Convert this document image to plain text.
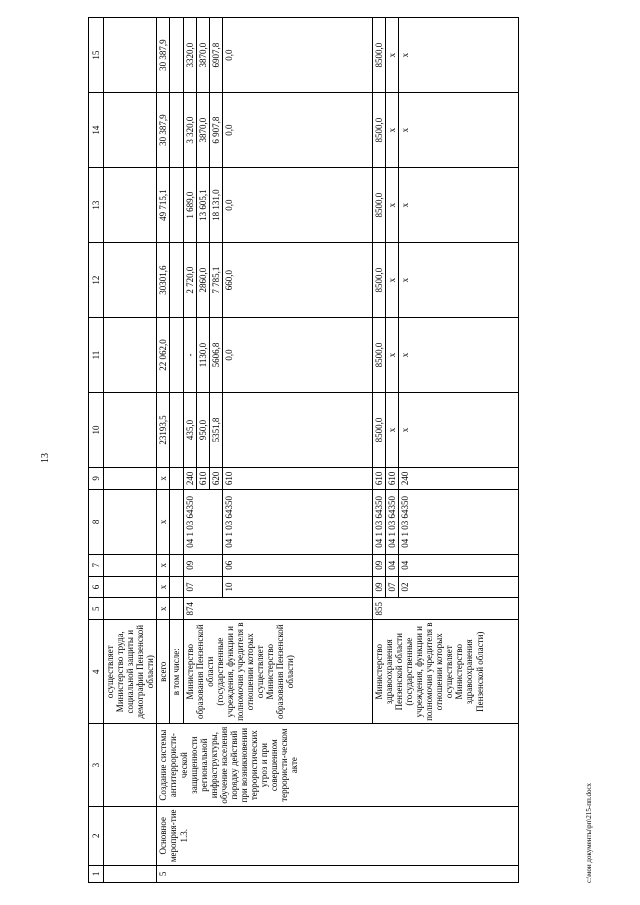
13
1	2	3	4	5	6	7	8	9	10	11	12	13	14	15
			осуществляет Министерство труда, социальной защиты и демографии Пензенской области)											
5	Основное мероприя-тие 1.3.	Создание системы антитеррористи-ческой защищенности региональной инфраструктуры, обучение населения порядку действий при возникновении террористических угроз и при совершенном террористи-ческом акте	всего	х	х	х	х	х	23193,5	22 062,0	30301,6	49 715,1	30 387,9	30 387,9
			в том числе:											
			Министерство образования Пензенской области (государственные учреждения, функции и полномочия учредителя в отношении которых осуществляет Министерство образования Пензенской области)	874	07	09	04 1 03 64350	240	435,0	-	2 720,0	1 689,0	3 320,0	3320,0
								610	950,0	1130,0	2860,0	13 605,1	3870,0	3870,0
								620	5351,8	5606,8	7 785,1	18 131,0	6 907,8	6907,8
					10	06	04 1 03 64350	610		0,0	660,0	0,0	0,0	0,0
			Министерство здравоохранения Пензенской области (государственные учреждения, функции и полномочия учредителя в отношении которых осуществляет Министерство здравоохранения Пензенской области)	855	09	09	04 1 03 64350	610	8500,0	8500,0	8500,0	8500,0	8500,0	8500,0
					07	04	04 1 03 64350	610	х	х	х	х	х	х
					02	04	04 1 03 64350	240	х	х	х	х	х	х
c:\мои документы\рп\215-пп.docx
